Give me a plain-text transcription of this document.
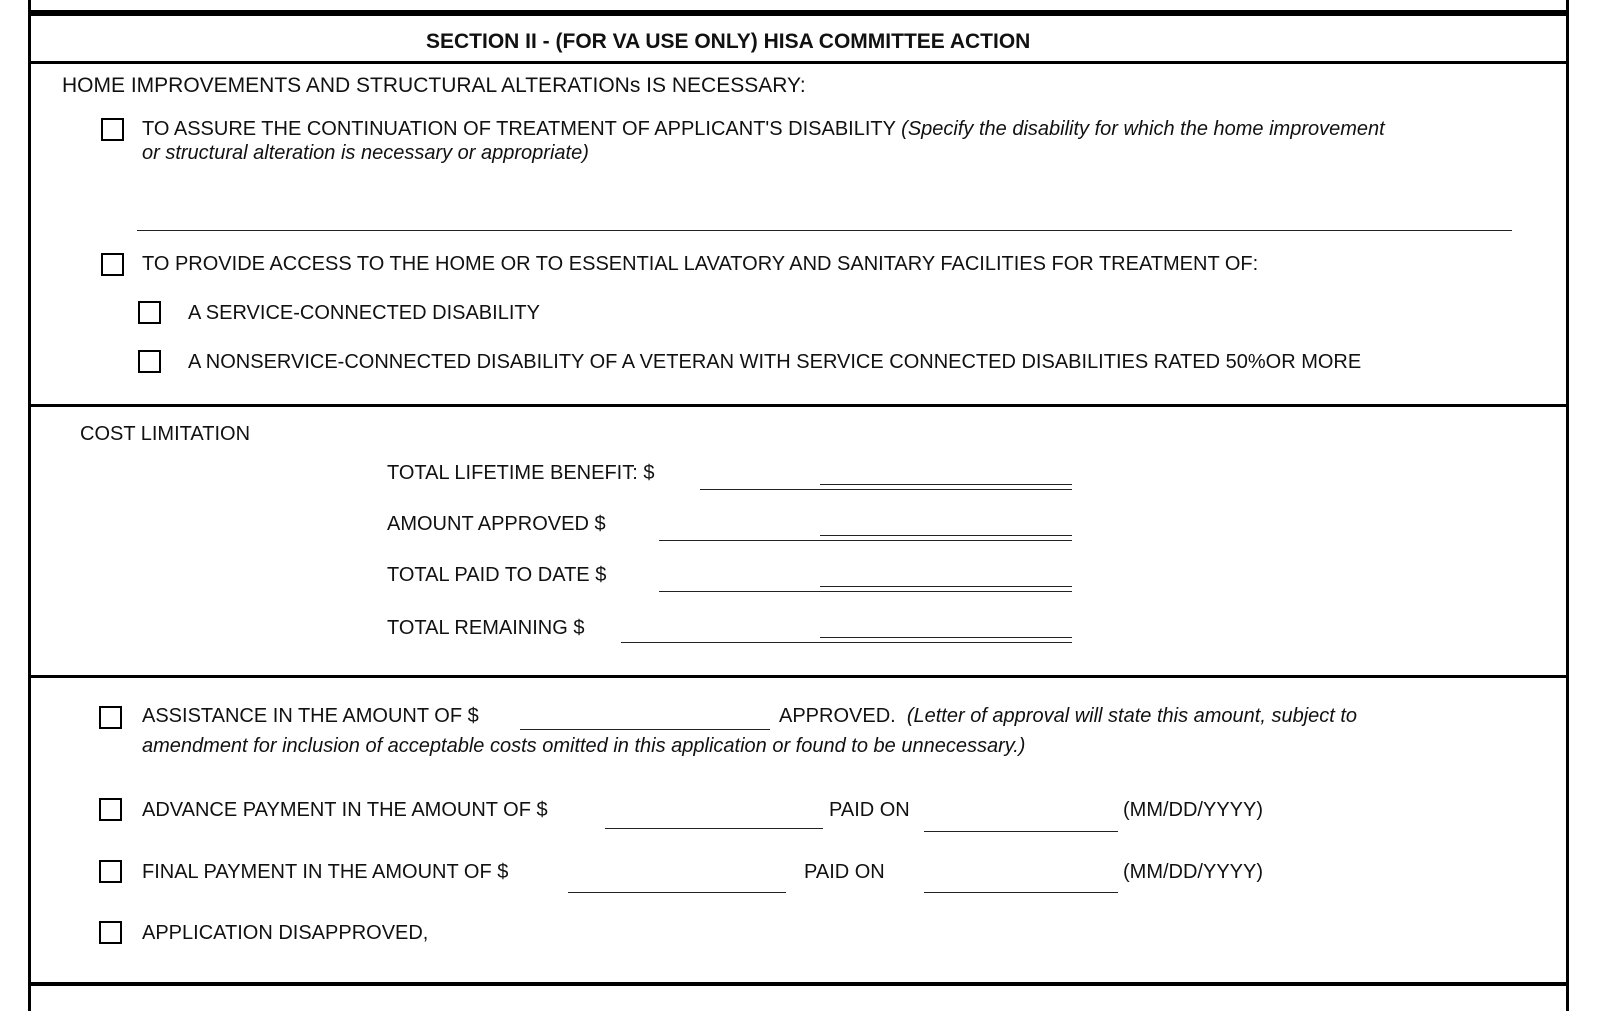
SECTION II - (FOR VA USE ONLY) HISA COMMITTEE ACTION
HOME IMPROVEMENTS AND STRUCTURAL ALTERATIONs IS NECESSARY:
TO ASSURE THE CONTINUATION OF TREATMENT OF APPLICANT'S DISABILITY (Specify the disability for which the home improvement
or structural alteration is necessary or appropriate)
TO PROVIDE ACCESS TO THE HOME OR TO ESSENTIAL LAVATORY AND SANITARY FACILITIES FOR TREATMENT OF:
A SERVICE-CONNECTED DISABILITY
A NONSERVICE-CONNECTED DISABILITY OF A VETERAN WITH SERVICE CONNECTED DISABILITIES RATED 50%OR MORE
COST LIMITATION
TOTAL LIFETIME BENEFIT: $
AMOUNT APPROVED $
TOTAL PAID TO DATE $
TOTAL REMAINING $
ASSISTANCE IN THE AMOUNT OF $	APPROVED. (Letter of approval will state this amount, subject to
amendment for inclusion of acceptable costs omitted in this application or found to be unnecessary.)
ADVANCE PAYMENT IN THE AMOUNT OF $	PAID ON	(MM/DD/YYYY)
FINAL PAYMENT IN THE AMOUNT OF $	PAID ON	(MM/DD/YYYY)
APPLICATION DISAPPROVED,
